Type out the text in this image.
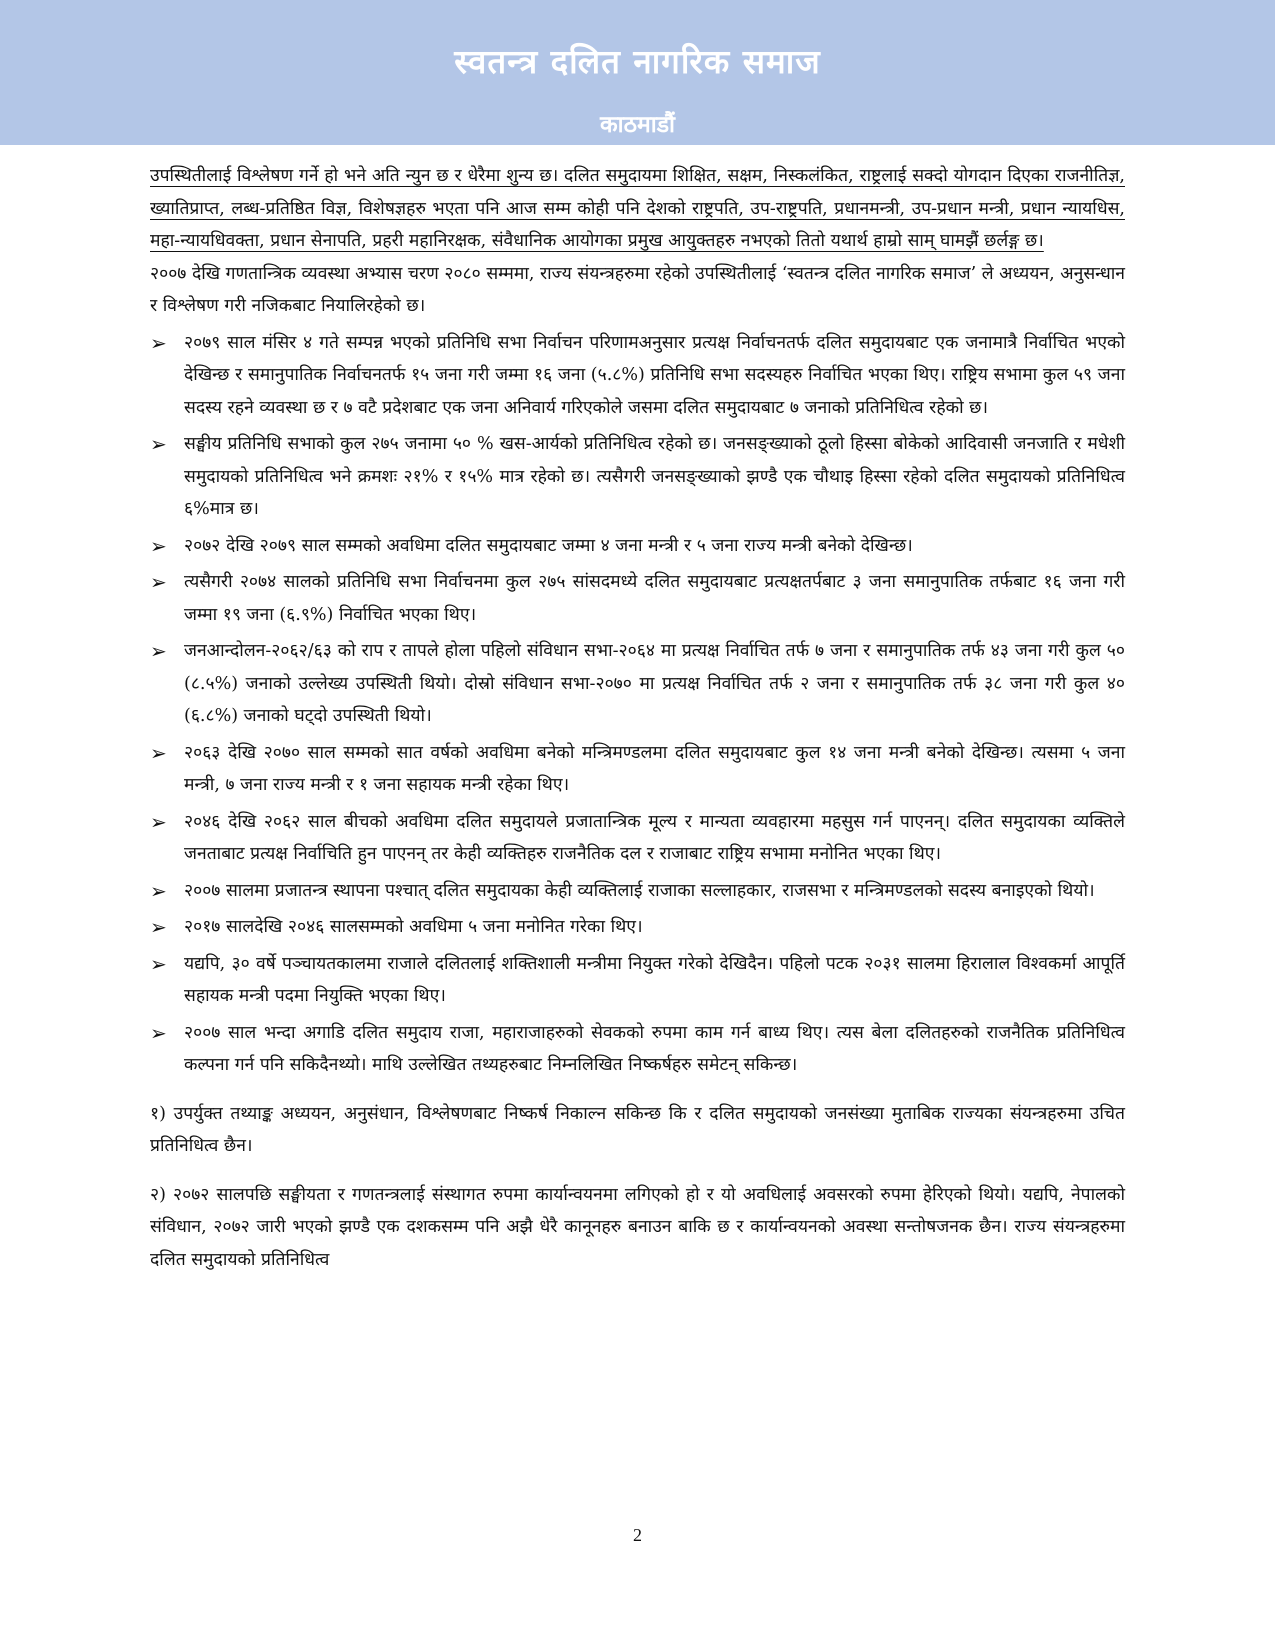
स्वतन्त्र दलित नागरिक समाज
काठमाडौं

उपस्थितीलाई विश्लेषण गर्ने हो भने अति न्युन छ र धेरैमा शुन्य छ। दलित समुदायमा शिक्षित, सक्षम, निस्कलंकित, राष्ट्रलाई सक्दो योगदान दिएका राजनीतिज्ञ, ख्यातिप्राप्त, लब्ध-प्रतिष्ठित विज्ञ, विशेषज्ञहरु भएता पनि आज सम्म कोही पनि देशको राष्ट्रपति, उप-राष्ट्रपति, प्रधानमन्त्री, उप-प्रधान मन्त्री, प्रधान न्यायधिस, महा-न्यायधिवक्ता, प्रधान सेनापति, प्रहरी महानिरक्षक, संवैधानिक आयोगका प्रमुख आयुक्तहरु नभएको तितो यथार्थ हाम्रो साम् घामझैं छर्लङ्ग छ।

२००७ देखि गणतान्त्रिक व्यवस्था अभ्यास चरण २०८० सम्ममा, राज्य संयन्त्रहरुमा रहेको उपस्थितीलाई ‘स्वतन्त्र दलित नागरिक समाज’ ले अध्ययन, अनुसन्धान र विश्लेषण गरी नजिकबाट नियालिरहेको छ।

➢ २०७९ साल मंसिर ४ गते सम्पन्न भएको प्रतिनिधि सभा निर्वाचन परिणामअनुसार प्रत्यक्ष निर्वाचनतर्फ दलित समुदायबाट एक जनामात्रै निर्वाचित भएको देखिन्छ र समानुपातिक निर्वाचनतर्फ १५ जना गरी जम्मा १६ जना (५.८%) प्रतिनिधि सभा सदस्यहरु निर्वाचित भएका थिए। राष्ट्रिय सभामा कुल ५९ जना सदस्य रहने व्यवस्था छ र ७ वटै प्रदेशबाट एक जना अनिवार्य गरिएकोले जसमा दलित समुदायबाट ७ जनाको प्रतिनिधित्व रहेको छ।
➢ सङ्घीय प्रतिनिधि सभाको कुल २७५ जनामा ५० % खस-आर्यको प्रतिनिधित्व रहेको छ। जनसङ्ख्याको ठूलो हिस्सा बोकेको आदिवासी जनजाति र मधेशी समुदायको प्रतिनिधित्व भने क्रमशः २१% र १५% मात्र रहेको छ। त्यसैगरी जनसङ्ख्याको झण्डै एक चौथाइ हिस्सा रहेको दलित समुदायको प्रतिनिधित्व ६%मात्र छ।
➢ २०७२ देखि २०७९ साल सम्मको अवधिमा दलित समुदायबाट जम्मा ४ जना मन्त्री र ५ जना राज्य मन्त्री बनेको देखिन्छ।
➢ त्यसैगरी २०७४ सालको प्रतिनिधि सभा निर्वाचनमा कुल २७५ सांसदमध्ये दलित समुदायबाट प्रत्यक्षतर्पबाट ३ जना समानुपातिक तर्फबाट १६ जना गरी जम्मा १९ जना (६.९%) निर्वाचित भएका थिए।
➢ जनआन्दोलन-२०६२/६३ को राप र तापले होला पहिलो संविधान सभा-२०६४ मा प्रत्यक्ष निर्वाचित तर्फ ७ जना र समानुपातिक तर्फ ४३ जना गरी कुल ५० (८.५%) जनाको उल्लेख्य उपस्थिती थियो। दोस्रो संविधान सभा-२०७० मा प्रत्यक्ष निर्वाचित तर्फ २ जना र समानुपातिक तर्फ ३८ जना गरी कुल ४० (६.८%) जनाको घट्दो उपस्थिती थियो।
➢ २०६३ देखि २०७० साल सम्मको सात वर्षको अवधिमा बनेको मन्त्रिमण्डलमा दलित समुदायबाट कुल १४ जना मन्त्री बनेको देखिन्छ। त्यसमा ५ जना मन्त्री, ७ जना राज्य मन्त्री र १ जना सहायक मन्त्री रहेका थिए।
➢ २०४६ देखि २०६२ साल बीचको अवधिमा दलित समुदायले प्रजातान्त्रिक मूल्य र मान्यता व्यवहारमा महसुस गर्न पाएनन्। दलित समुदायका व्यक्तिले जनताबाट प्रत्यक्ष निर्वाचिति हुन पाएनन् तर केही व्यक्तिहरु राजनैतिक दल र राजाबाट राष्ट्रिय सभामा मनोनित भएका थिए।
➢ २००७ सालमा प्रजातन्त्र स्थापना पश्चात् दलित समुदायका केही व्यक्तिलाई राजाका सल्लाहकार, राजसभा र मन्त्रिमण्डलको सदस्य बनाइएको थियो।
➢ २०१७ सालदेखि २०४६ सालसम्मको अवधिमा ५ जना मनोनित गरेका थिए।
➢ यद्यपि, ३० वर्षे पञ्चायतकालमा राजाले दलितलाई शक्तिशाली मन्त्रीमा नियुक्त गरेको देखिदैन। पहिलो पटक २०३१ सालमा हिरालाल विश्वकर्मा आपूर्ति सहायक मन्त्री पदमा नियुक्ति भएका थिए।
➢ २००७ साल भन्दा अगाडि दलित समुदाय राजा, महाराजाहरुको सेवकको रुपमा काम गर्न बाध्य थिए। त्यस बेला दलितहरुको राजनैतिक प्रतिनिधित्व कल्पना गर्न पनि सकिदैनथ्यो। माथि उल्लेखित तथ्यहरुबाट निम्नलिखित निष्कर्षहरु समेटन् सकिन्छ।

१) उपर्युक्त तथ्याङ्क अध्ययन, अनुसंधान, विश्लेषणबाट निष्कर्ष निकाल्न सकिन्छ कि र दलित समुदायको जनसंख्या मुताबिक राज्यका संयन्त्रहरुमा उचित प्रतिनिधित्व छैन।

२) २०७२ सालपछि सङ्घीयता र गणतन्त्रलाई संस्थागत रुपमा कार्यान्वयनमा लगिएको हो र यो अवधिलाई अवसरको रुपमा हेरिएको थियो। यद्यपि, नेपालको संविधान, २०७२ जारी भएको झण्डै एक दशकसम्म पनि अझै धेरै कानूनहरु बनाउन बाकि छ र कार्यान्वयनको अवस्था सन्तोषजनक छैन। राज्य संयन्त्रहरुमा दलित समुदायको प्रतिनिधित्व

2
